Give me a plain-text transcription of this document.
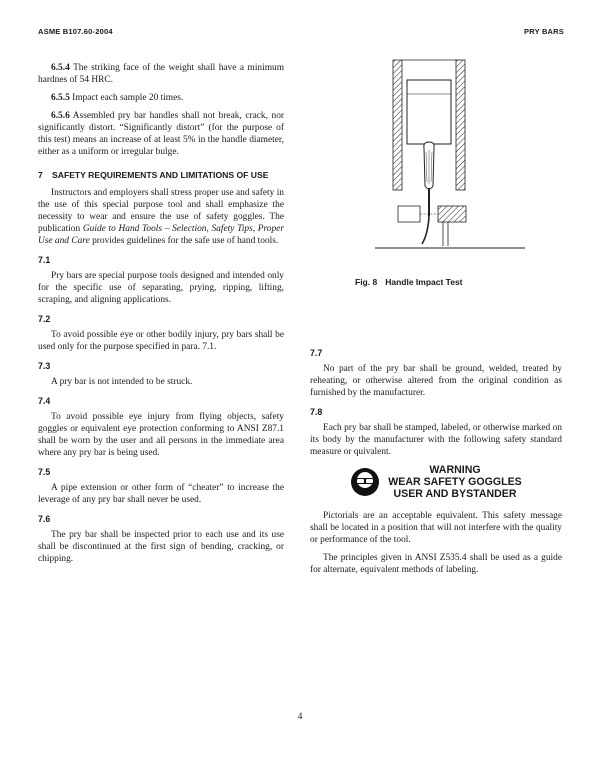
ASME B107.60-2004	PRY BARS

6.5.4 The striking face of the weight shall have a minimum hardnes of 54 HRC.

6.5.5 Impact each sample 20 times.

6.5.6 Assembled pry bar handles shall not break, crack, nor significantly distort. “Significantly distort” (for the purpose of this test) means an increase of at least 5% in the handle diameter, either as a uniform or irregular bulge.

7	SAFETY REQUIREMENTS AND LIMITATIONS OF USE

Instructors and employers shall stress proper use and safety in the use of this special purpose tool and shall emphasize the necessity to wear and ensure the use of safety goggles. The publication Guide to Hand Tools – Selection, Safety Tips, Proper Use and Care provides guidelines for the safe use of hand tools.

7.1

Pry bars are special purpose tools designed and intended only for the specific use of separating, prying, ripping, lifting, scraping, and aligning applications.

7.2

To avoid possible eye or other bodily injury, pry bars shall be used only for the purpose specified in para. 7.1.

7.3

A pry bar is not intended to be struck.

7.4

To avoid possible eye injury from flying objects, safety goggles or equivalent eye protection conforming to ANSI Z87.1 shall be worn by the user and all persons in the immediate area where any pry bar is being used.

7.5

A pipe extension or other form of “cheater” to increase the leverage of any pry bar shall never be used.

7.6

The pry bar shall be inspected prior to each use and its use shall be discontinued at the first sign of bending, cracking, or chipping.

Fig. 8 Handle Impact Test
7.7

No part of the pry bar shall be ground, welded, treated by reheating, or otherwise altered from the original condition as furnished by the manufacturer.

7.8

Each pry bar shall be stamped, labeled, or otherwise marked on its body by the manufacturer with the following safety standard measure or quivalent.

WARNING
WEAR SAFETY GOGGLES
USER AND BYSTANDER

Pictorials are an acceptable equivalent. This safety message shall be located in a position that will not interfere with the quality or performance of the tool.

The principles given in ANSI Z535.4 shall be used as a guide for alternate, equivalent methods of labeling.

4
